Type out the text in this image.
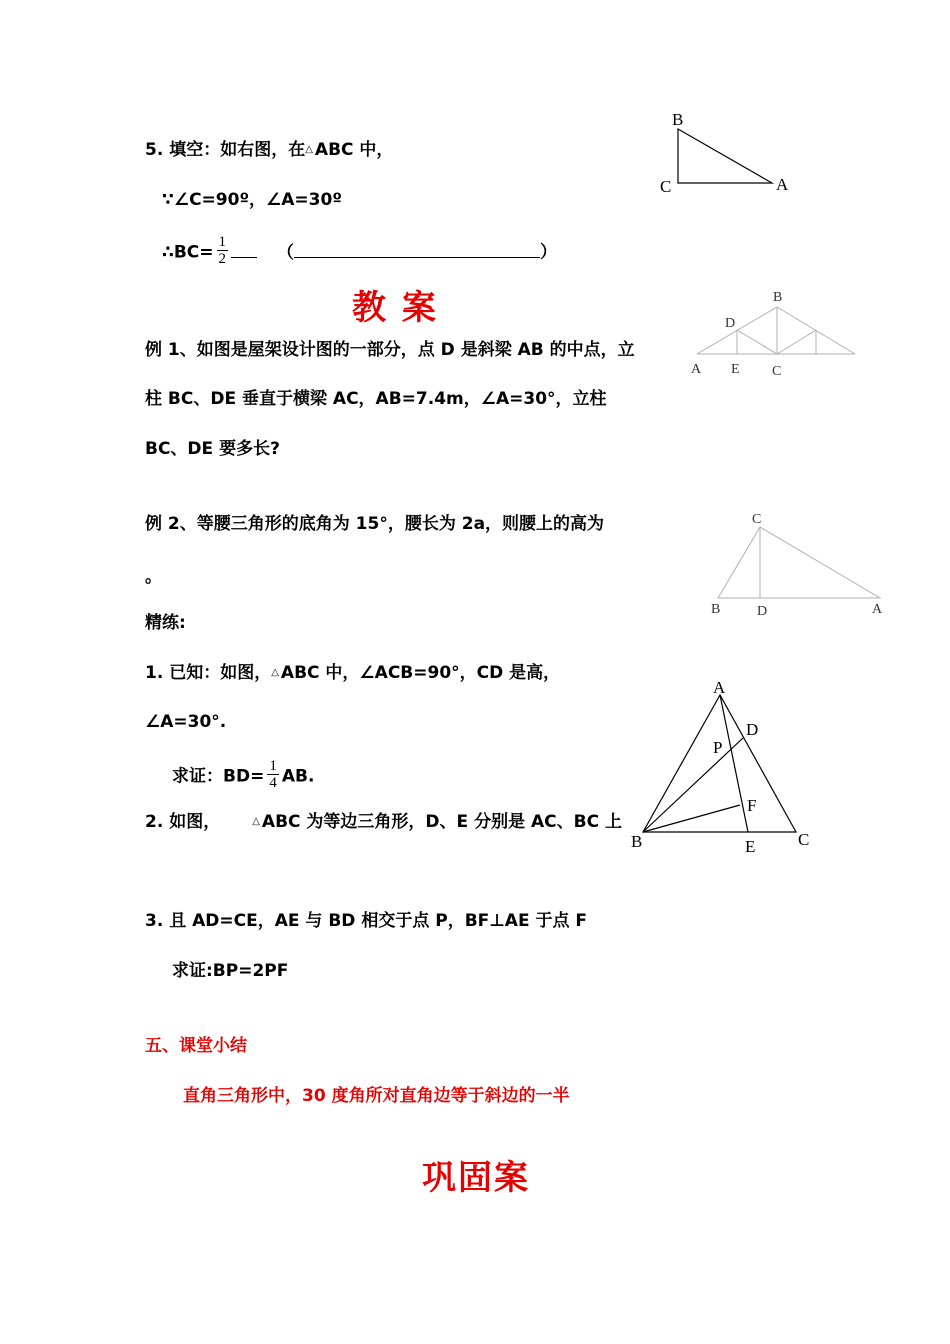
5. 填空：如右图，在△ ABC 中，
∵∠C=90º，∠A=30º
∴BC= $\frac{1}{2}$	（	）
B
C	A
教 案
例 1、如图是屋架设计图的一部分，点 D 是斜梁 AB 的中点，立
柱 BC、DE 垂直于横梁 AC，AB=7.4m，∠A=30°，立柱
BC、DE 要多长?
B
D
A E C
例 2、等腰三角形的底角为 15°，腰长为 2a，则腰上的高为
。
C
B	D	A
精练:
1. 已知：如图，△ ABC 中，∠ACB=90°，CD 是高，
∠A=30°.
求证：$BD= \frac{1}{4}$ AB.
2. 如图，	△ ABC 为等边三角形，D、E 分别是 AC、BC 上
A
D
P
F
B	E	C
3. 且 AD=CE，AE 与 BD 相交于点 P，BF⊥AE 于点 F
求证:BP=2PF
五、课堂小结
直角三角形中，30 度角所对直角边等于斜边的一半
巩固案
